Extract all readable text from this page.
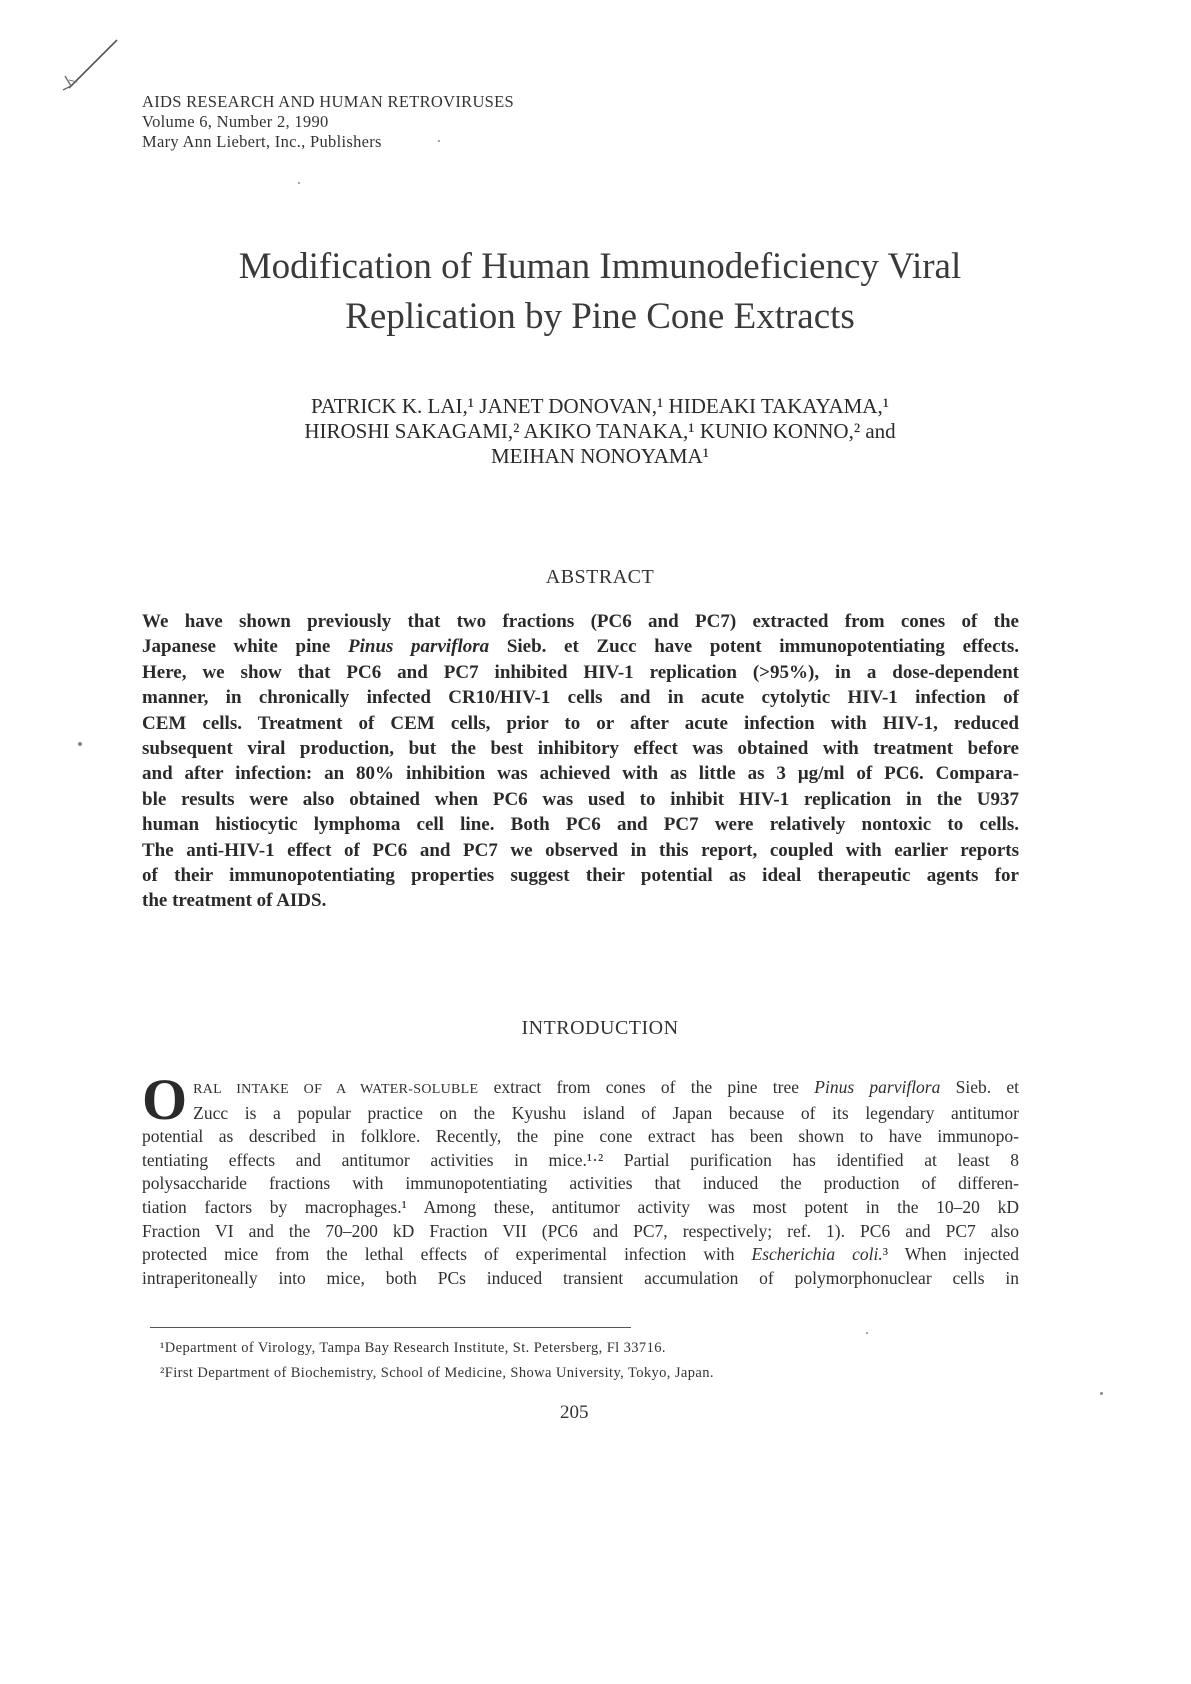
AIDS RESEARCH AND HUMAN RETROVIRUSES
Volume 6, Number 2, 1990
Mary Ann Liebert, Inc., Publishers
Modification of Human Immunodeficiency Viral
Replication by Pine Cone Extracts
PATRICK K. LAI,¹ JANET DONOVAN,¹ HIDEAKI TAKAYAMA,¹
HIROSHI SAKAGAMI,² AKIKO TANAKA,¹ KUNIO KONNO,² and
MEIHAN NONOYAMA¹
ABSTRACT
We have shown previously that two fractions (PC6 and PC7) extracted from cones of the
Japanese white pine Pinus parviflora Sieb. et Zucc have potent immunopotentiating effects.
Here, we show that PC6 and PC7 inhibited HIV-1 replication (>95%), in a dose-dependent
manner, in chronically infected CR10/HIV-1 cells and in acute cytolytic HIV-1 infection of
CEM cells. Treatment of CEM cells, prior to or after acute infection with HIV-1, reduced
subsequent viral production, but the best inhibitory effect was obtained with treatment before
and after infection: an 80% inhibition was achieved with as little as 3 μg/ml of PC6. Compara-
ble results were also obtained when PC6 was used to inhibit HIV-1 replication in the U937
human histiocytic lymphoma cell line. Both PC6 and PC7 were relatively nontoxic to cells.
The anti-HIV-1 effect of PC6 and PC7 we observed in this report, coupled with earlier reports
of their immunopotentiating properties suggest their potential as ideal therapeutic agents for
the treatment of AIDS.
INTRODUCTION
O RAL INTAKE OF A WATER-SOLUBLE extract from cones of the pine tree Pinus parviflora Sieb. et
Zucc is a popular practice on the Kyushu island of Japan because of its legendary antitumor
potential as described in folklore. Recently, the pine cone extract has been shown to have immunopo-
tentiating effects and antitumor activities in mice.¹·² Partial purification has identified at least 8
polysaccharide fractions with immunopotentiating activities that induced the production of differen-
tiation factors by macrophages.¹ Among these, antitumor activity was most potent in the 10–20 kD
Fraction VI and the 70–200 kD Fraction VII (PC6 and PC7, respectively; ref. 1). PC6 and PC7 also
protected mice from the lethal effects of experimental infection with Escherichia coli.³ When injected
intraperitoneally into mice, both PCs induced transient accumulation of polymorphonuclear cells in
¹Department of Virology, Tampa Bay Research Institute, St. Petersberg, Fl 33716.
²First Department of Biochemistry, School of Medicine, Showa University, Tokyo, Japan.
205
